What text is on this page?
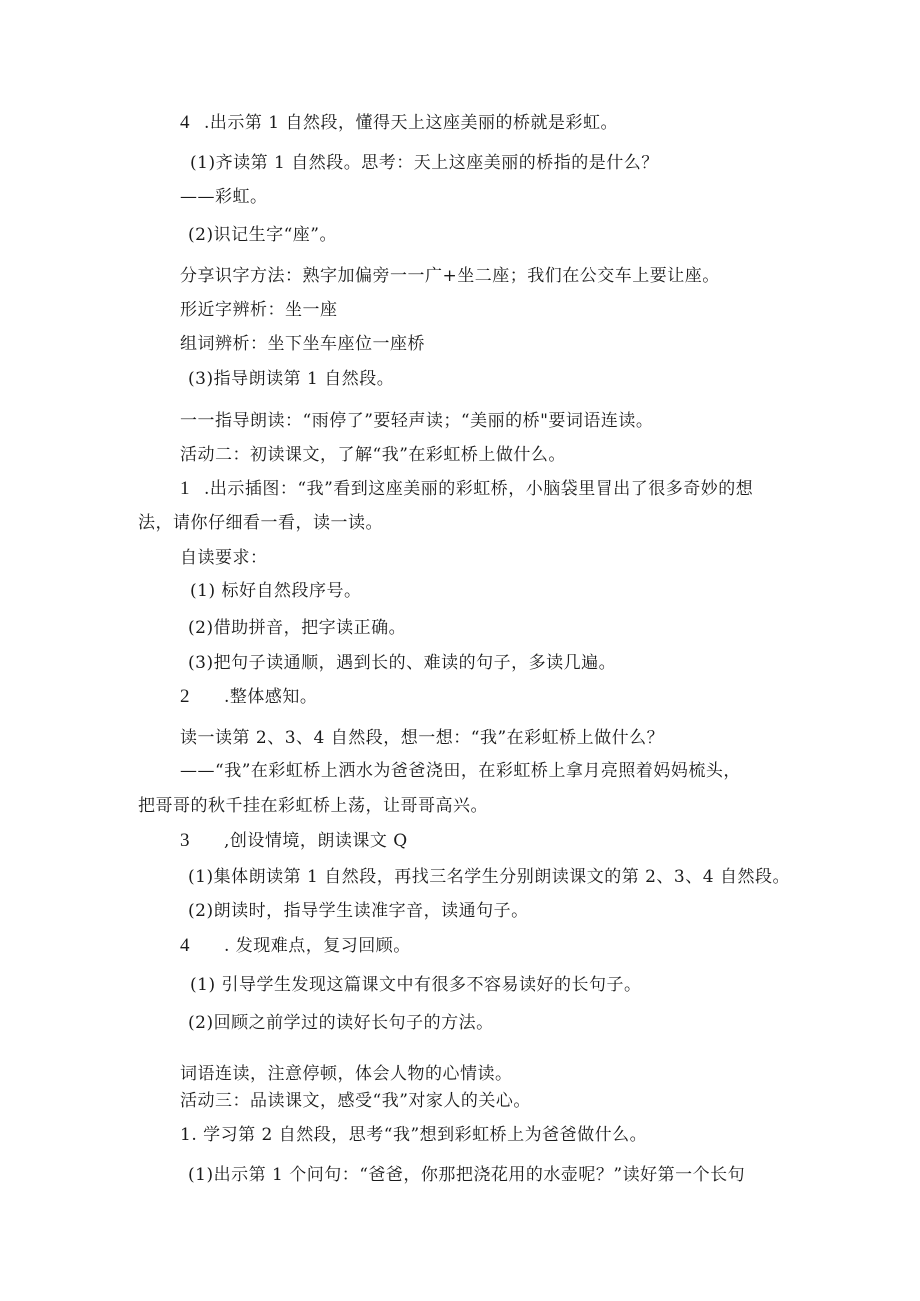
4 .出示第 1 自然段，懂得天上这座美丽的桥就是彩虹。
(1)齐读第 1 自然段。思考：天上这座美丽的桥指的是什么？
——彩虹。
(2)识记生字“座”。
分享识字方法：熟字加偏旁一一广+坐二座；我们在公交车上要让座。
形近字辨析：坐一座
组词辨析：坐下坐车座位一座桥
(3)指导朗读第 1 自然段。
一一指导朗读：“雨停了”要轻声读；“美丽的桥"要词语连读。
活动二：初读课文，了解“我”在彩虹桥上做什么。
1 .出示插图：“我”看到这座美丽的彩虹桥，小脑袋里冒出了很多奇妙的想
法，请你仔细看一看，读一读。
自读要求：
(1) 标好自然段序号。
(2)借助拼音，把字读正确。
(3)把句子读通顺，遇到长的、难读的句子，多读几遍。
2 .整体感知。
读一读第 2、3、4 自然段，想一想：“我”在彩虹桥上做什么？
——“我”在彩虹桥上洒水为爸爸浇田，在彩虹桥上拿月亮照着妈妈梳头，
把哥哥的秋千挂在彩虹桥上荡，让哥哥高兴。
3 ,创设情境，朗读课文 Q
(1)集体朗读第 1 自然段，再找三名学生分别朗读课文的第 2、3、4 自然段。
(2)朗读时，指导学生读准字音，读通句子。
4 . 发现难点，复习回顾。
(1) 引导学生发现这篇课文中有很多不容易读好的长句子。
(2)回顾之前学过的读好长句子的方法。
词语连读，注意停顿，体会人物的心情读。
活动三：品读课文，感受“我”对家人的关心。
1. 学习第 2 自然段，思考“我”想到彩虹桥上为爸爸做什么。
(1)出示第 1 个问句：“爸爸，你那把浇花用的水壶呢？”读好第一个长句
